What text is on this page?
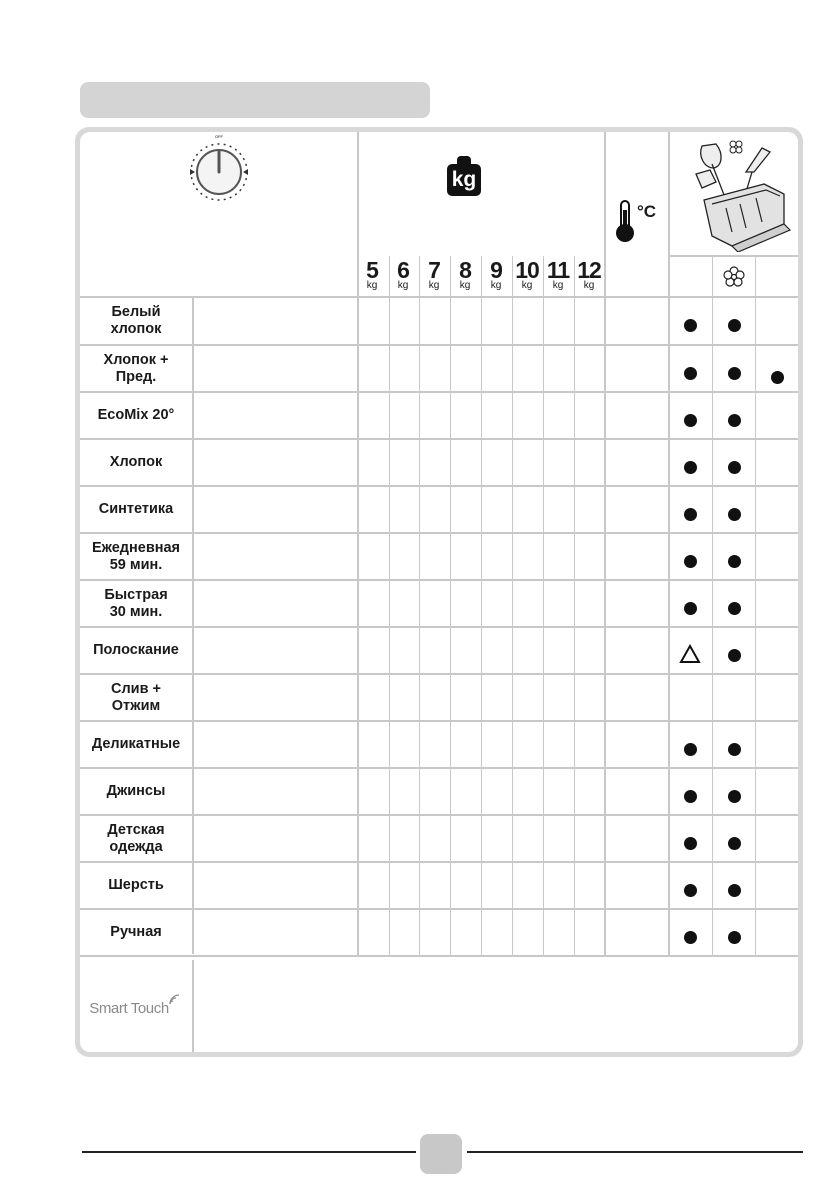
OFF
kg
5
kg
6
kg
7
kg
8
kg
9
kg
10
kg
11
kg
12
kg
°C
Белый
хлопок
Хлопок +
Пред.
EcoMix 20°
Хлопок
Синтетика
Ежедневная
59 мин.
Быстрая
30 мин.
Полоскание
Слив +
Отжим
Деликатные
Джинсы
Детская
одежда
Шерсть
Ручная
Smart Touch
